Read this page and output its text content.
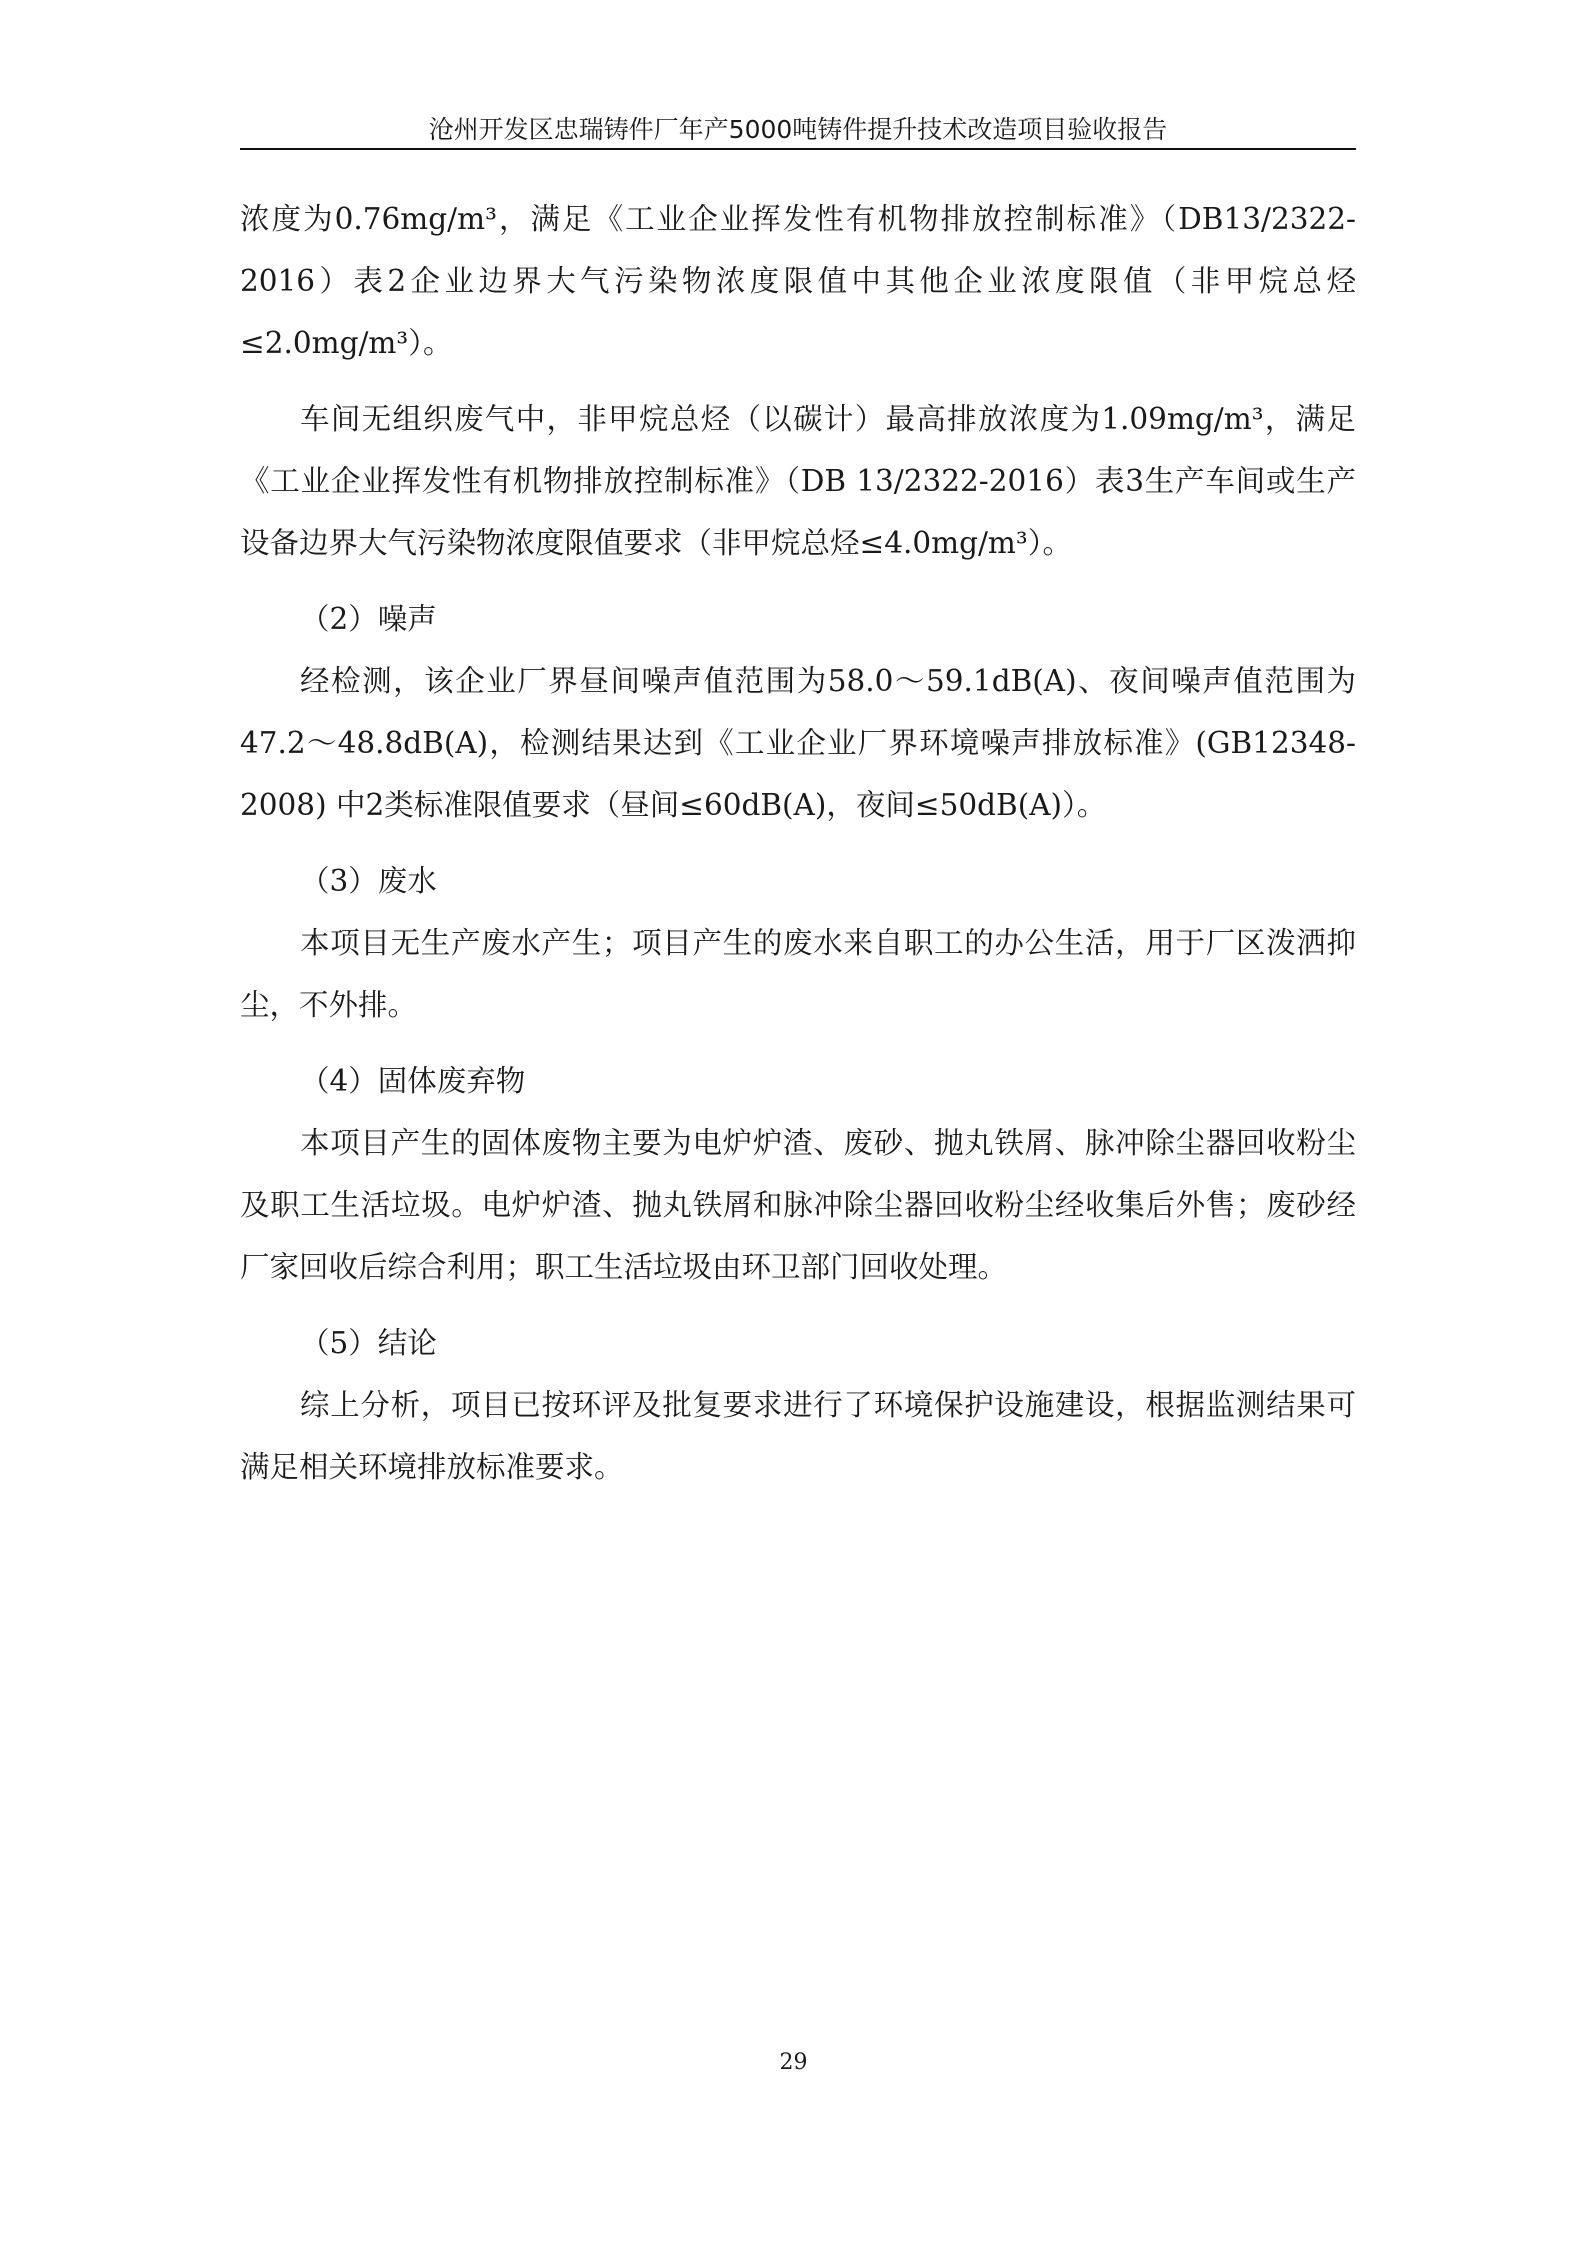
沧州开发区忠瑞铸件厂年产5000吨铸件提升技术改造项目验收报告

浓度为0.76mg/m³，满足《工业企业挥发性有机物排放控制标准》（DB13/2322-2016）表2企业边界大气污染物浓度限值中其他企业浓度限值（非甲烷总烃≤2.0mg/m³）。

车间无组织废气中，非甲烷总烃（以碳计）最高排放浓度为1.09mg/m³，满足《工业企业挥发性有机物排放控制标准》（DB 13/2322-2016）表3生产车间或生产设备边界大气污染物浓度限值要求（非甲烷总烃≤4.0mg/m³）。

（2）噪声

经检测，该企业厂界昼间噪声值范围为58.0～59.1dB(A)、夜间噪声值范围为47.2～48.8dB(A)，检测结果达到《工业企业厂界环境噪声排放标准》(GB12348-2008) 中2类标准限值要求（昼间≤60dB(A)，夜间≤50dB(A)）。

（3）废水

本项目无生产废水产生；项目产生的废水来自职工的办公生活，用于厂区泼洒抑尘，不外排。

（4）固体废弃物

本项目产生的固体废物主要为电炉炉渣、废砂、抛丸铁屑、脉冲除尘器回收粉尘及职工生活垃圾。电炉炉渣、抛丸铁屑和脉冲除尘器回收粉尘经收集后外售；废砂经厂家回收后综合利用；职工生活垃圾由环卫部门回收处理。

（5）结论

综上分析，项目已按环评及批复要求进行了环境保护设施建设，根据监测结果可满足相关环境排放标准要求。

29
